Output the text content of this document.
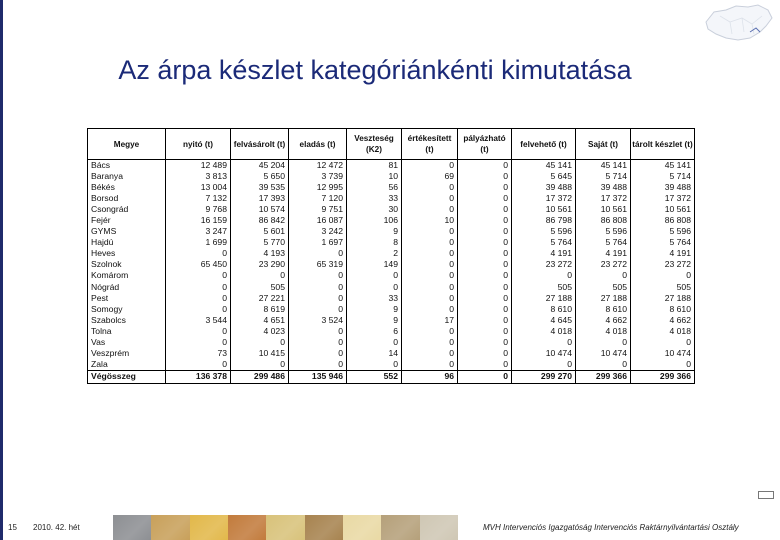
Az árpa készlet kategóriánkénti kimutatása
Megye	nyitó (t)	felvásárolt (t)	eladás (t)	Veszteség (K2)	értékesített (t)	pályázható (t)	felvehető (t)	Saját (t)	tárolt készlet (t)
Bács	12 489	45 204	12 472	81	0	0	45 141	45 141	45 141
Baranya	3 813	5 650	3 739	10	69	0	5 645	5 714	5 714
Békés	13 004	39 535	12 995	56	0	0	39 488	39 488	39 488
Borsod	7 132	17 393	7 120	33	0	0	17 372	17 372	17 372
Csongrád	9 768	10 574	9 751	30	0	0	10 561	10 561	10 561
Fejér	16 159	86 842	16 087	106	10	0	86 798	86 808	86 808
GYMS	3 247	5 601	3 242	9	0	0	5 596	5 596	5 596
Hajdú	1 699	5 770	1 697	8	0	0	5 764	5 764	5 764
Heves	0	4 193	0	2	0	0	4 191	4 191	4 191
Szolnok	65 450	23 290	65 319	149	0	0	23 272	23 272	23 272
Komárom	0	0	0	0	0	0	0	0	0
Nógrád	0	505	0	0	0	0	505	505	505
Pest	0	27 221	0	33	0	0	27 188	27 188	27 188
Somogy	0	8 619	0	9	0	0	8 610	8 610	8 610
Szabolcs	3 544	4 651	3 524	9	17	0	4 645	4 662	4 662
Tolna	0	4 023	0	6	0	0	4 018	4 018	4 018
Vas	0	0	0	0	0	0	0	0	0
Veszprém	73	10 415	0	14	0	0	10 474	10 474	10 474
Zala	0	0	0	0	0	0	0	0	0
Végösszeg	136 378	299 486	135 946	552	96	0	299 270	299 366	299 366
15 2010. 42. hét	MVH Intervenciós Igazgatóság Intervenciós Raktárnyilvántartási Osztály
